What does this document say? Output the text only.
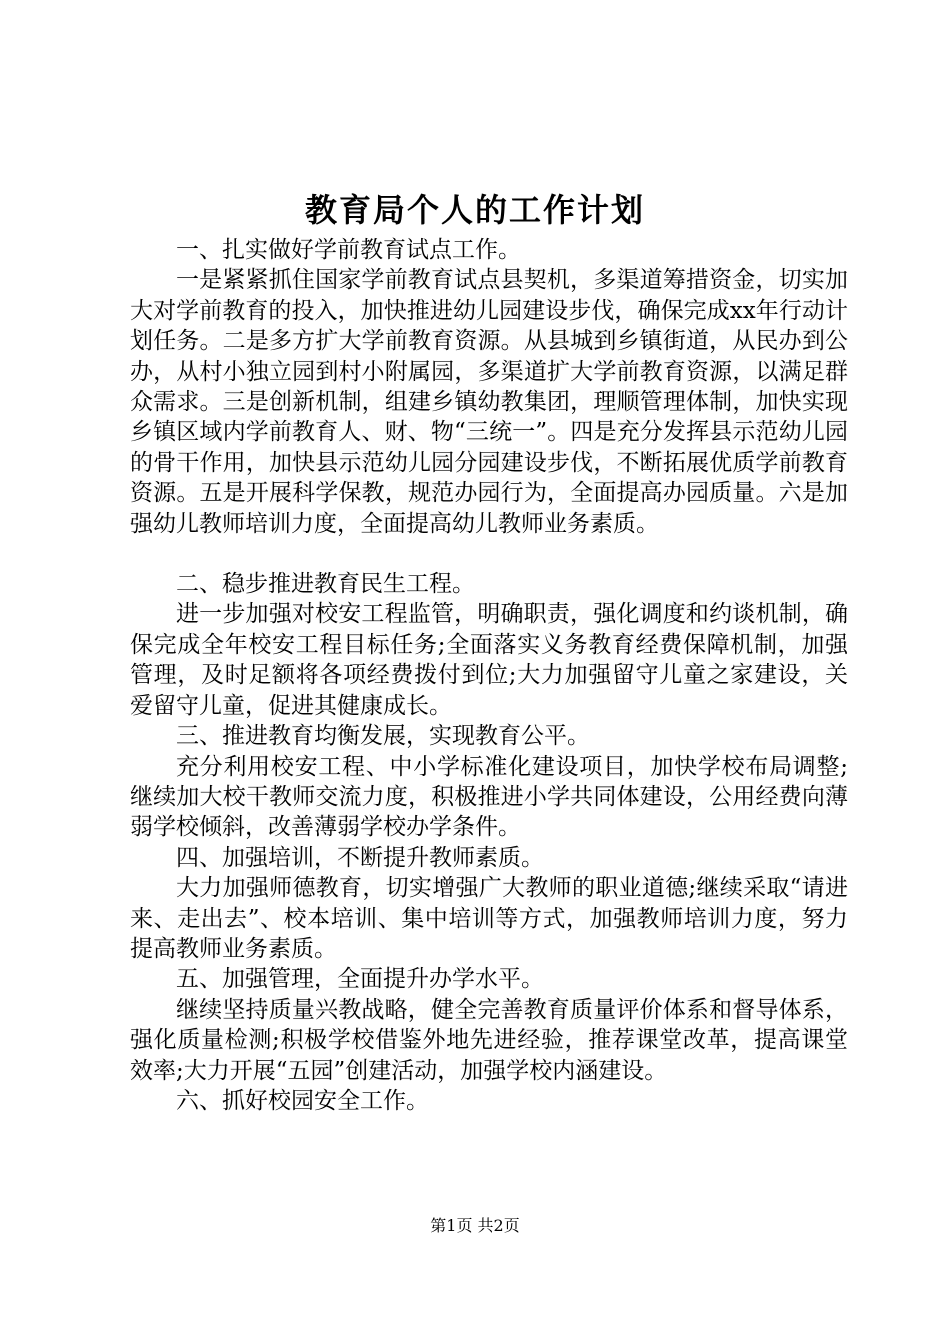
教育局个人的工作计划

一、扎实做好学前教育试点工作。

一是紧紧抓住国家学前教育试点县契机，多渠道筹措资金，切实加大对学前教育的投入，加快推进幼儿园建设步伐，确保完成xx年行动计划任务。二是多方扩大学前教育资源。从县城到乡镇街道，从民办到公办，从村小独立园到村小附属园，多渠道扩大学前教育资源，以满足群众需求。三是创新机制，组建乡镇幼教集团，理顺管理体制，加快实现乡镇区域内学前教育人、财、物“三统一”。四是充分发挥县示范幼儿园的骨干作用，加快县示范幼儿园分园建设步伐，不断拓展优质学前教育资源。五是开展科学保教，规范办园行为，全面提高办园质量。六是加强幼儿教师培训力度，全面提高幼儿教师业务素质。

二、稳步推进教育民生工程。

进一步加强对校安工程监管，明确职责，强化调度和约谈机制，确保完成全年校安工程目标任务;全面落实义务教育经费保障机制，加强管理，及时足额将各项经费拨付到位;大力加强留守儿童之家建设，关爱留守儿童，促进其健康成长。

三、推进教育均衡发展，实现教育公平。

充分利用校安工程、中小学标准化建设项目，加快学校布局调整;继续加大校干教师交流力度，积极推进小学共同体建设，公用经费向薄弱学校倾斜，改善薄弱学校办学条件。

四、加强培训，不断提升教师素质。

大力加强师德教育，切实增强广大教师的职业道德;继续采取“请进来、走出去”、校本培训、集中培训等方式，加强教师培训力度，努力提高教师业务素质。

五、加强管理，全面提升办学水平。

继续坚持质量兴教战略，健全完善教育质量评价体系和督导体系，强化质量检测;积极学校借鉴外地先进经验，推荐课堂改革，提高课堂效率;大力开展“五园”创建活动，加强学校内涵建设。

六、抓好校园安全工作。

第1页 共2页
